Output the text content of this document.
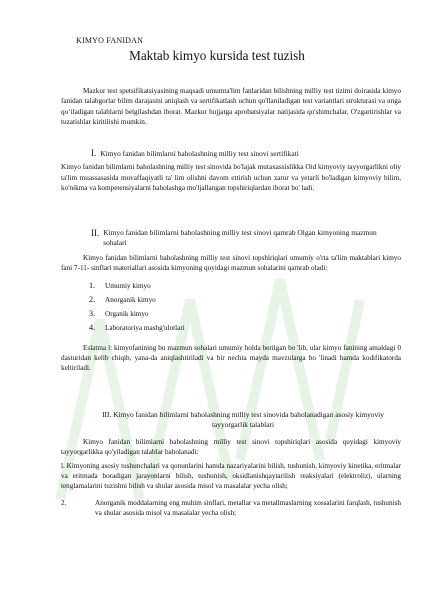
KIMYO FANIDAN
Maktab kimyo kursida test tuzish

Mazkur test spetsifikatsiyasining maqsadi umumta'lim fanlaridan bilishning milliy test tizimi doirasida kimyo fanidan talabgorlar bilim darajasini aniqlash va sertifikatlash uchun qo'llaniladigan test variantlari strukturasi va unga qoʻiladigan talablarni belgilashdan iborat. Mazkur hujjatga aprobatsiyalar natijasida qo'shimchalar, O'zgartirishlar va tuzatishlar kiritilishi mumkin.

I. Kimyo fanidan bilimlarni baholashning milliy test sinovi sertifikati

Kimyo fanidan bilimlarni baholashning milliy test sinovida bo'lajak mutaxassislikka Oid kimyoviy tayyorgarlikni oliy ta'lim muassasasida muvaffaqiyatli ta' lim olishni davom ettirish uchun zarur va yetarli bo'ladigan kimyoviy bilim, ko'nikma va kompetensiyalarni baholashga mo'ljallangan topshiriqlardan iborat bo' ladi.

II. Kimyo fanidan bilimlarni baholashning milliy test sinovi qamrab Olgan kimyoning mazmun sohalari

Kimyo fanidan bilimlarni baholashning milliy test sinovi topshiriqlari umumiy o'rta ta'lim maktablari kimyo fani 7-11- sinflari materiallari asosida kimyoning quyidagi mazmun sohalarini qamrab oladi:

1. Umumiy kimyo
2. Anorganik kimyo
3. Organik kimyo
4. Laboratoriya mashg'ulotlari

Eslatma l: kimyofanining bu mazmun sohalari umumiy holda berilgan bo 'lib, ular kimyo fanining amaldagi 0 dasturidan kelib chiqib, yana-da aniqlashtiriladi va bir nechta mayda mavzularga bo 'linadi hamda kodifikatorda keltiriladi.

III. Kimyo fanidan bilimlarni baholashning milliy test sinovida baholanadigan asosiy kimyoviy tayyorgarlik talablari

Kimyo fanidan bilimlarni baholashning milliy test sinovi topshiriqlari asosida quyidagi kimyoviy tayyorgarlikka qo'yiladigan talablar baholanadi:

l. Kimyoning asosiy tushunchalari va qonunlarini hamda nazariyalarini bilish, tushunish, kimyoviy kinetika, eritmalar va eritmada boradigan jarayonlarni bilish, tushunish, oksidlanishqaytarilish reaksiyalari (elektroliz), ularning tenglamalarini tuzishni bilish va shular asosida misol va masalalar yecha olish;

2.	Anorganik moddalarning eng muhim sinflari, metallar va metallmaslarning xossalarini farqlash, tushunish va shular asosida misol va masalalar yecha olish;
